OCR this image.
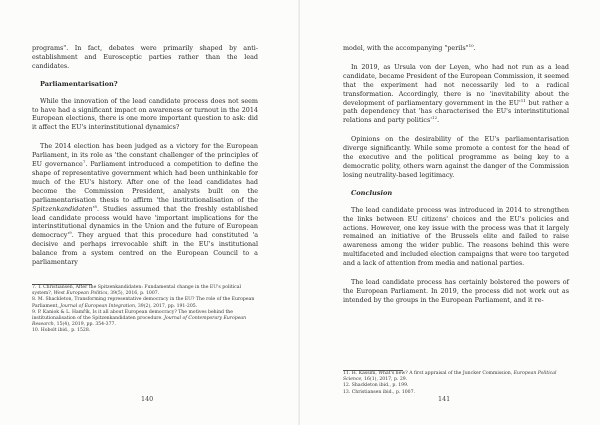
programs". In fact, debates were primarily shaped by anti-establishment and Eurosceptic parties rather than the lead candidates.

Parliamentarisation?

While the innovation of the lead candidate process does not seem to have had a significant impact on awareness or turnout in the 2014 European elections, there is one more important question to ask: did it affect the EU's interinstitutional dynamics?

The 2014 election has been judged as a victory for the European Parliament, in its role as 'the constant challenger of the principles of EU governance$^7$. Parliament introduced a competition to define the shape of representative government which had been unthinkable for much of the EU's history. After one of the lead candidates had become the Commission President, analysts built on the parliamentarisation thesis to affirm 'the institutionalisation of the $Spitzenkandidaten'^8$. Studies assumed that the freshly established lead candidate process would have 'important implications for the interinstitutional dynamics in the Union and the future of European $democracy'^9$. They argued that this procedure had constituted 'a decisive and perhaps irrevocable shift in the EU's institutional balance from a system centred on the European Council to a parliamentary

7. T. Christiansen, After the Spitzenkandidaten: Fundamental change in the EU's political system?, West European Politics, 39(5), 2016, p. 1007.
8. M. Shackleton, Transforming representative democracy in the EU? The role of the European Parliament, Journal of European Integration, 39(2), 2017, pp. 191-205.
9. P. Kaniok & L. Hamřík, Is it all about European democracy? The motives behind the institutionalisation of the Spitzenkandidaten procedure. Journal of Contemporary European Research, 15(4), 2019, pp. 354-377.
10. Hobolt ibid., p. 1528.
140

model, with the accompanying "perils"$^{10}$.

In 2019, as Ursula von der Leyen, who had not run as a lead candidate, became President of the European Commission, it seemed that the experiment had not necessarily led to a radical transformation. Accordingly, there is no 'inevitability about the development of parliamentary government in the $EU'^{11}$ but rather a path dependency that 'has characterised the EU's interinstitutional relations and party $politics'^{12}$.

Opinions on the desirability of the EU's parliamentarisation diverge significantly. While some promote a contest for the head of the executive and the political programme as being key to a democratic polity, others warn against the danger of the Commission losing neutrality-based legitimacy.

Conclusion

The lead candidate process was introduced in 2014 to strengthen the links between EU citizens' choices and the EU's policies and actions. However, one key issue with the process was that it largely remained an initiative of the Brussels elite and failed to raise awareness among the wider public. The reasons behind this were multifaceted and included election campaigns that were too targeted and a lack of attention from media and national parties.

The lead candidate process has certainly bolstered the powers of the European Parliament. In 2019, the process did not work out as intended by the groups in the European Parliament, and it re-

11. H. Kassim, What's new? A first appraisal of the Juncker Commission, European Political Science, 16(1), 2017, p. 29.
12. Shackleton ibid., p. 199.
13. Christiansen ibid., p. 1007.
141
